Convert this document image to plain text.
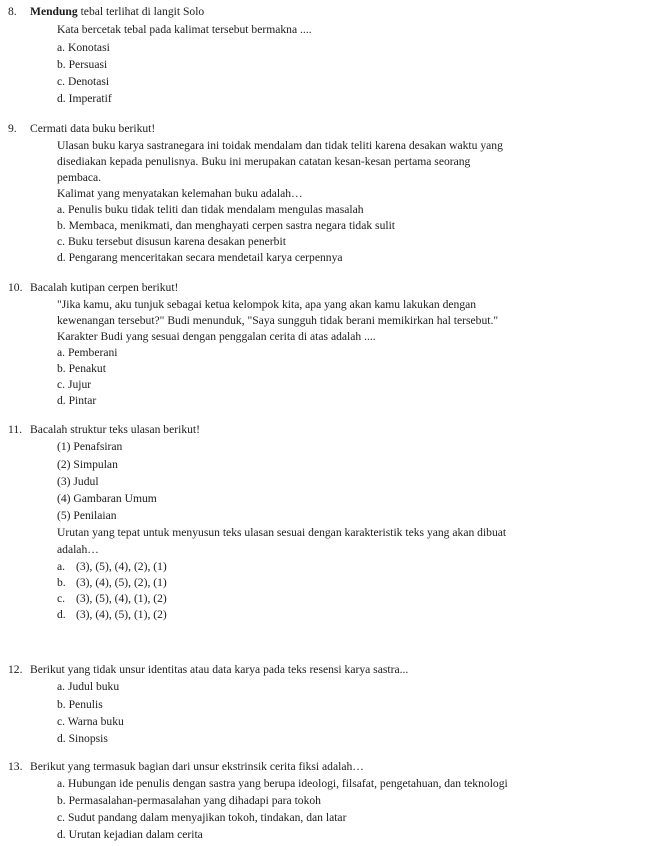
8. Mendung tebal terlihat di langit Solo
Kata bercetak tebal pada kalimat tersebut bermakna ....
a. Konotasi
b. Persuasi
c. Denotasi
d. Imperatif
9. Cermati data buku berikut!
Ulasan buku karya sastranegara ini toidak mendalam dan tidak teliti karena desakan waktu yang
disediakan kepada penulisnya. Buku ini merupakan catatan kesan-kesan pertama seorang
pembaca.
Kalimat yang menyatakan kelemahan buku adalah…
a. Penulis buku tidak teliti dan tidak mendalam mengulas masalah
b. Membaca, menikmati, dan menghayati cerpen sastra negara tidak sulit
c. Buku tersebut disusun karena desakan penerbit
d. Pengarang menceritakan secara mendetail karya cerpennya
10. Bacalah kutipan cerpen berikut!
"Jika kamu, aku tunjuk sebagai ketua kelompok kita, apa yang akan kamu lakukan dengan
kewenangan tersebut?" Budi menunduk, "Saya sungguh tidak berani memikirkan hal tersebut."
Karakter Budi yang sesuai dengan penggalan cerita di atas adalah ....
a. Pemberani
b. Penakut
c. Jujur
d. Pintar
11. Bacalah struktur teks ulasan berikut!
(1) Penafsiran
(2) Simpulan
(3) Judul
(4) Gambaran Umum
(5) Penilaian
Urutan yang tepat untuk menyusun teks ulasan sesuai dengan karakteristik teks yang akan dibuat
adalah…
a. (3), (5), (4), (2), (1)
b. (3), (4), (5), (2), (1)
c. (3), (5), (4), (1), (2)
d. (3), (4), (5), (1), (2)
12. Berikut yang tidak unsur identitas atau data karya pada teks resensi karya sastra...
a. Judul buku
b. Penulis
c. Warna buku
d. Sinopsis
13. Berikut yang termasuk bagian dari unsur ekstrinsik cerita fiksi adalah…
a. Hubungan ide penulis dengan sastra yang berupa ideologi, filsafat, pengetahuan, dan teknologi
b. Permasalahan-permasalahan yang dihadapi para tokoh
c. Sudut pandang dalam menyajikan tokoh, tindakan, dan latar
d. Urutan kejadian dalam cerita
